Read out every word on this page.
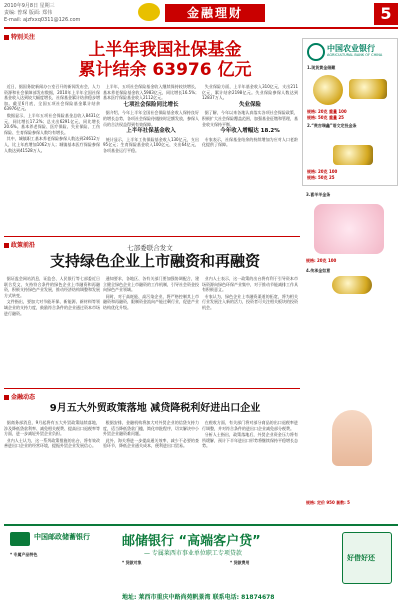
2010年9月8日 星期三
责编: 曾琛 版面: 郑伟
E-mail: ajzfxxq0311@126.com	金融理财	5
特别关注
上半年我国社保基金
累计结余 63976 亿元

近日，据国务院新闻办公室召开的新闻发布会，人力资源和社会保障部发布数据，2010年上半年全国社保基金收入达到较大幅度增长，社保基金累计结余稳步增加。截至6月底，全国五项社会保险基金累计结余63976亿元。

数据显示，上半年五项社会保险基金总收入8431亿元，同比增长17.2%；总支出6291亿元，同比增长20.6%。基本养老保险、医疗保险、失业保险、工伤保险、生育保险参保人数均有增长。

其中，城镇职工基本养老保险参保人数达到24612万人，比上年底增加1062万人；城镇基本医疗保险参保人数达到41528万人。

上半年，五项社会保险基金收入继续保持较快增长，基本养老保险基金收入5983亿元，同比增长16.5%；基本医疗保险基金收入2112亿元。

七项社会保险同比增长

据介绍，今年上半年全国社会保险基金收入保持良好的增长态势，各项社会保险待遇按时足额发放，参保人员的合法权益得到有效保障。

上半年社保基金收入

统计显示，上半年工伤保险基金收入130亿元，支出95亿元；生育保险基金收入100亿元，支出64亿元，各项基金运行平稳。

失业保险方面，上半年基金收入310亿元，支出211亿元，累计结余2198亿元。失业保险参保人数达到12837万人。

失业保险

据了解，今年以来各地认真落实各项社会保险政策，积极扩大社会保险覆盖范围，加强基金征缴和管理，基金收支保持平衡。

今年收入增幅达 18.2%

专家表示，社保基金结余的持续增加为应对人口老龄化提供了保障。

中国农业银行
AGRICULTURAL BANK OF CHINA
1.现货黄金储藏
规格: 20克 重量 100
规格: 50克 重量 25
2.“贵吉瑞鑫”语文定投金条
规格: 20克 100
规格: 50克 25
政策前沿	七部委联合发文
支持绿色企业上市融资和再融资

据证监会网站消息，证监会、人民银行等七部委近日联合发文，支持符合条件的绿色企业上市融资和再融资，积极支持绿色产业发展，推动经济结构调整和发展方式转变。

文件指出，要加大对节能环保、新能源、新材料等领域企业的支持力度，鼓励符合条件的企业通过资本市场进行融资。

通知要求，各地区、各有关部门要加强协调配合，建立健全绿色企业上市融资的工作机制，引导社会资金投向绿色产业领域。

同时，对于高耗能、高污染企业，将严格控制其上市融资和再融资，限制资金流向产能过剩行业，促进产业结构优化升级。

业内人士表示，这一政策的出台将有利于引导资本市场资源向绿色环保产业集中，对于推动节能减排工作具有积极意义。

专家认为，绿色企业上市融资渠道的拓宽，将为相关行业发展注入新的活力，投资者可关注相关板块的投资机会。

3.喜羊羊金条
规格: 20克 100
4.传承金如意
金融动态
9月五大外贸政策落地 减贷降税利好进出口企业

据商务部消息，9月起将有五大外贸政策陆续落地，涉及降低贷款利率、减免相关税费、提高出口退税率等方面，进一步减轻外贸企业负担。

业内人士认为，这一系列政策措施的出台，将有效改善进出口企业的经营环境，提振外贸企业发展信心。

根据安排，金融机构将加大对外贸企业的信贷支持力度，适当降低贷款门槛，简化审批程序，切实解决中小外贸企业融资难问题。

此外，海关将进一步提高通关效率，减少不必要的查验环节，降低企业通关成本，便利进出口贸易。

在税收方面，有关部门将对部分商品的出口退税率进行调整，并对符合条件的进出口企业减免部分税费。

分析人士指出，政策落地后，外贸企业资金压力将有所缓解，预计下半年进出口形势将继续保持平稳增长态势。

规格: 定价 950 套数: 5
中国邮政储蓄银行 邮储银行 “高端客户贷”
— 专属莱西市事业单位职工专项贷款
* 专属产品特色
* 贷款对象	* 贷款费用
地址: 莱西市重庆中路尚苑帆景湾 联系电话: 81874678
好借好还
